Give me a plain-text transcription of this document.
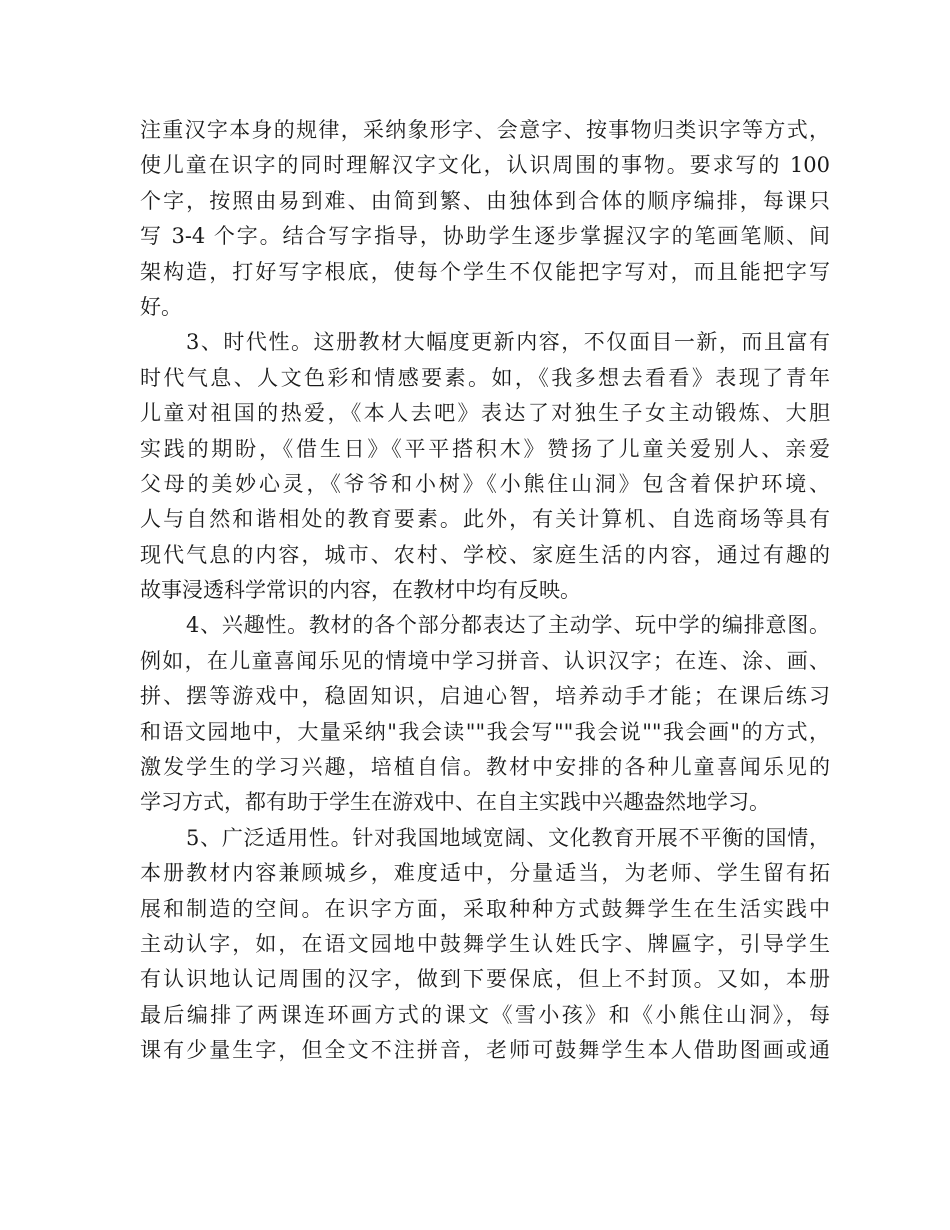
注重汉字本身的规律，采纳象形字、会意字、按事物归类识字等方式，
使儿童在识字的同时理解汉字文化，认识周围的事物。要求写的 100
个字，按照由易到难、由简到繁、由独体到合体的顺序编排，每课只
写 3-4 个字。结合写字指导，协助学生逐步掌握汉字的笔画笔顺、间
架构造，打好写字根底，使每个学生不仅能把字写对，而且能把字写
好。
3、时代性。这册教材大幅度更新内容，不仅面目一新，而且富有
时代气息、人文色彩和情感要素。如，《我多想去看看》表现了青年
儿童对祖国的热爱，《本人去吧》表达了对独生子女主动锻炼、大胆
实践的期盼，《借生日》《平平搭积木》赞扬了儿童关爱别人、亲爱
父母的美妙心灵，《爷爷和小树》《小熊住山洞》包含着保护环境、
人与自然和谐相处的教育要素。此外，有关计算机、自选商场等具有
现代气息的内容，城市、农村、学校、家庭生活的内容，通过有趣的
故事浸透科学常识的内容，在教材中均有反映。
4、兴趣性。教材的各个部分都表达了主动学、玩中学的编排意图。
例如，在儿童喜闻乐见的情境中学习拼音、认识汉字；在连、涂、画、
拼、摆等游戏中，稳固知识，启迪心智，培养动手才能；在课后练习
和语文园地中，大量采纳"我会读""我会写""我会说""我会画"的方式，
激发学生的学习兴趣，培植自信。教材中安排的各种儿童喜闻乐见的
学习方式，都有助于学生在游戏中、在自主实践中兴趣盎然地学习。
5、广泛适用性。针对我国地域宽阔、文化教育开展不平衡的国情，
本册教材内容兼顾城乡，难度适中，分量适当，为老师、学生留有拓
展和制造的空间。在识字方面，采取种种方式鼓舞学生在生活实践中
主动认字，如，在语文园地中鼓舞学生认姓氏字、牌匾字，引导学生
有认识地认记周围的汉字，做到下要保底，但上不封顶。又如，本册
最后编排了两课连环画方式的课文《雪小孩》和《小熊住山洞》，每
课有少量生字，但全文不注拼音，老师可鼓舞学生本人借助图画或通
